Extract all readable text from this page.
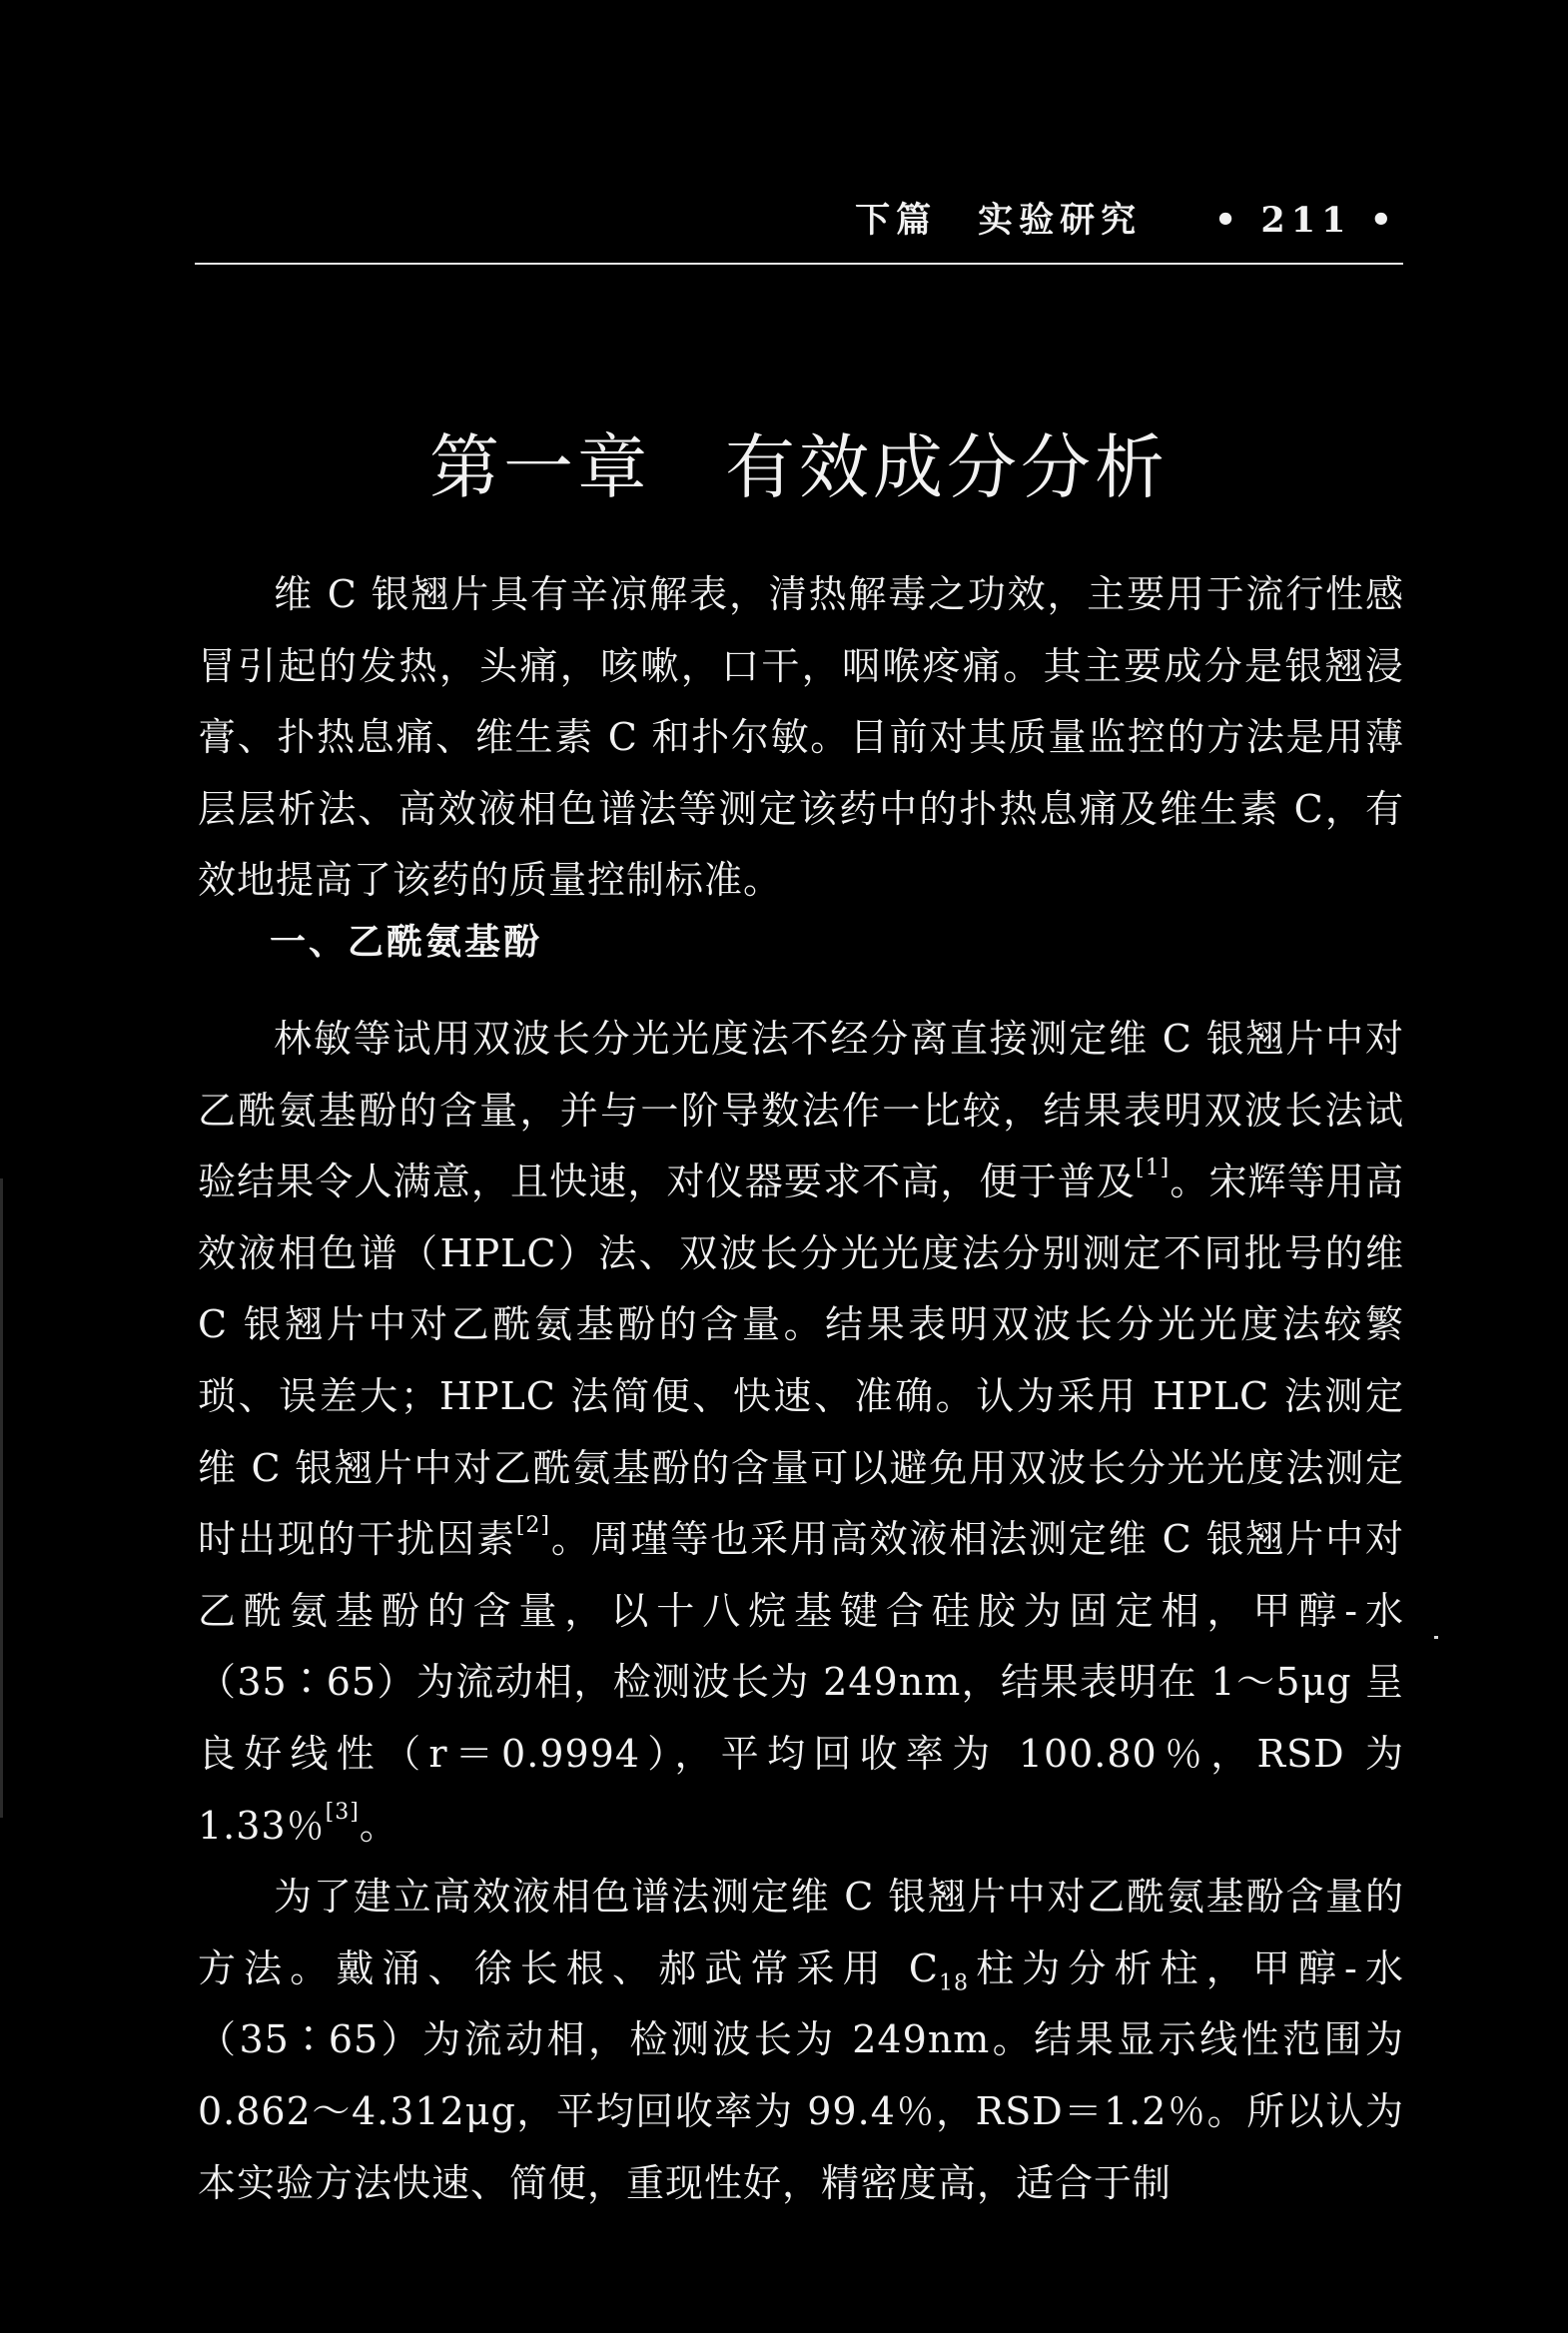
下篇　实验研究 • 211 •
第一章　有效成分分析

维 C 银翘片具有辛凉解表，清热解毒之功效，主要用于流行性感冒引起的发热，头痛，咳嗽，口干，咽喉疼痛。其主要成分是银翘浸膏、扑热息痛、维生素 C 和扑尔敏。目前对其质量监控的方法是用薄层层析法、高效液相色谱法等测定该药中的扑热息痛及维生素 C，有效地提高了该药的质量控制标准。

一、乙酰氨基酚

林敏等试用双波长分光光度法不经分离直接测定维 C 银翘片中对乙酰氨基酚的含量，并与一阶导数法作一比较，结果表明双波长法试验结果令人满意，且快速，对仪器要求不高，便于普及[1]。宋辉等用高效液相色谱（HPLC）法、双波长分光光度法分别测定不同批号的维 C 银翘片中对乙酰氨基酚的含量。结果表明双波长分光光度法较繁琐、误差大；HPLC 法简便、快速、准确。认为采用 HPLC 法测定维 C 银翘片中对乙酰氨基酚的含量可以避免用双波长分光光度法测定时出现的干扰因素[2]。周瑾等也采用高效液相法测定维 C 银翘片中对乙酰氨基酚的含量，以十八烷基键合硅胶为固定相，甲醇-水（35∶65）为流动相，检测波长为 249nm，结果表明在 1～5μg 呈良好线性（r＝0.9994），平均回收率为 100.80％，RSD 为 1.33％[3]。

为了建立高效液相色谱法测定维 C 银翘片中对乙酰氨基酚含量的方法。戴涌、徐长根、郝武常采用 $C_{18}$柱为分析柱，甲醇-水（35∶65）为流动相，检测波长为 249nm。结果显示线性范围为 0.862～4.312μg，平均回收率为 99.4％，RSD＝1.2％。所以认为本实验方法快速、简便，重现性好，精密度高，适合于制
